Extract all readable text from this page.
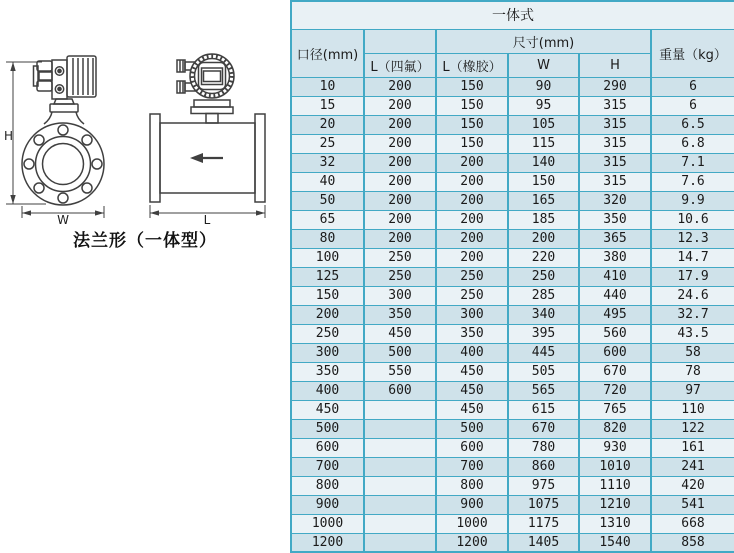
H
W	L
法兰形（一体型）
一体式					
口径(mm)		尺寸(mm)			重量（kg）
	L（四氟）	L（橡胶）	W	H	
10	200	150	90	290	6
15	200	150	95	315	6
20	200	150	105	315	6.5
25	200	150	115	315	6.8
32	200	200	140	315	7.1
40	200	200	150	315	7.6
50	200	200	165	320	9.9
65	200	200	185	350	10.6
80	200	200	200	365	12.3
100	250	200	220	380	14.7
125	250	250	250	410	17.9
150	300	250	285	440	24.6
200	350	300	340	495	32.7
250	450	350	395	560	43.5
300	500	400	445	600	58
350	550	450	505	670	78
400	600	450	565	720	97
450		450	615	765	110
500		500	670	820	122
600		600	780	930	161
700		700	860	1010	241
800		800	975	1110	420
900		900	1075	1210	541
1000		1000	1175	1310	668
1200		1200	1405	1540	858
